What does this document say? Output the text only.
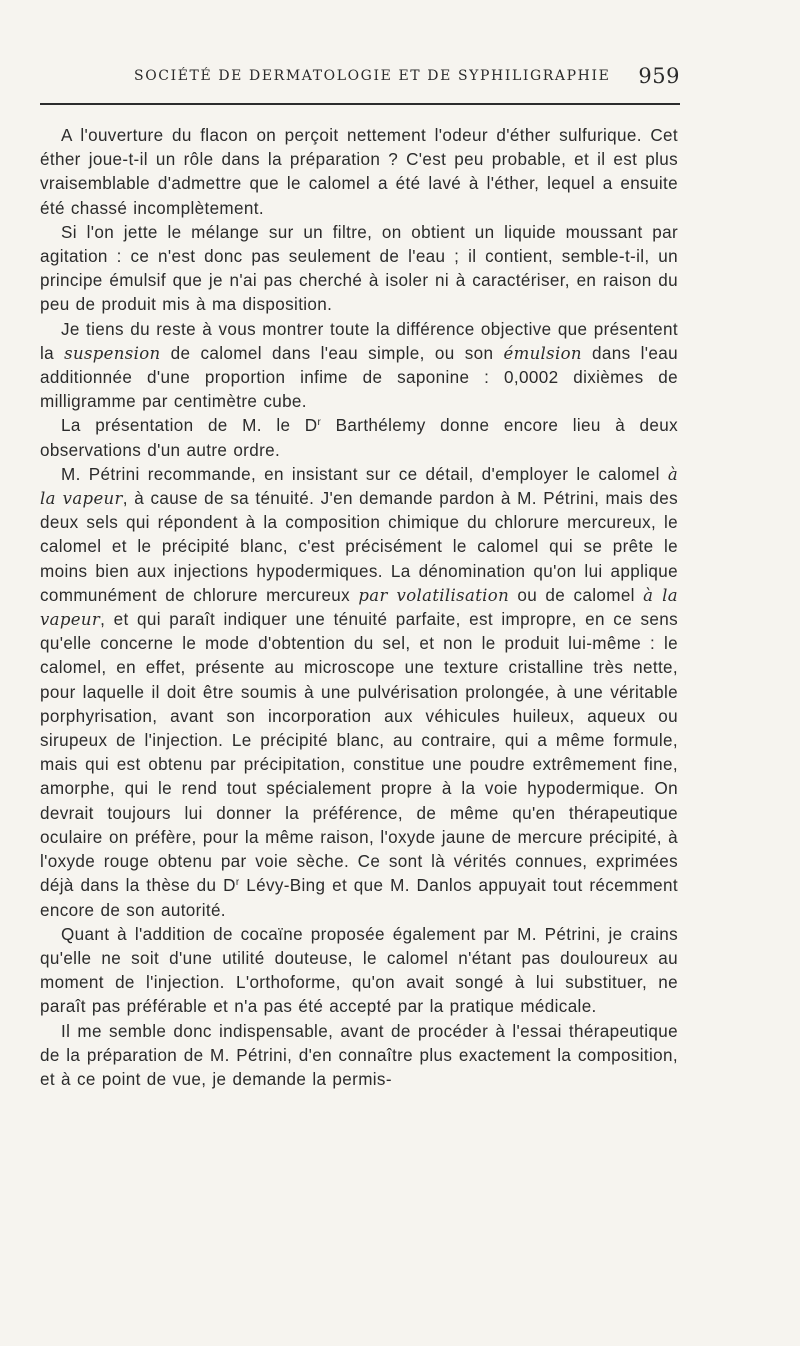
SOCIÉTÉ DE DERMATOLOGIE ET DE SYPHILIGRAPHIE 959

A l'ouverture du flacon on perçoit nettement l'odeur d'éther sulfurique. Cet éther joue-t-il un rôle dans la préparation ? C'est peu probable, et il est plus vraisemblable d'admettre que le calomel a été lavé à l'éther, lequel a ensuite été chassé incomplètement.

Si l'on jette le mélange sur un filtre, on obtient un liquide moussant par agitation : ce n'est donc pas seulement de l'eau ; il contient, semble-t-il, un principe émulsif que je n'ai pas cherché à isoler ni à caractériser, en raison du peu de produit mis à ma disposition.

Je tiens du reste à vous montrer toute la différence objective que présentent la suspension de calomel dans l'eau simple, ou son émulsion dans l'eau additionnée d'une proportion infime de saponine : 0,0002 dixièmes de milligramme par centimètre cube.

La présentation de M. le $D^r$ Barthélemy donne encore lieu à deux observations d'un autre ordre.

M. Pétrini recommande, en insistant sur ce détail, d'employer le calomel à la vapeur, à cause de sa ténuité. J'en demande pardon à M. Pétrini, mais des deux sels qui répondent à la composition chimique du chlorure mercureux, le calomel et le précipité blanc, c'est précisément le calomel qui se prête le moins bien aux injections hypodermiques. La dénomination qu'on lui applique communément de chlorure mercureux par volatilisation ou de calomel à la vapeur, et qui paraît indiquer une ténuité parfaite, est impropre, en ce sens qu'elle concerne le mode d'obtention du sel, et non le produit lui-même : le calomel, en effet, présente au microscope une texture cristalline très nette, pour laquelle il doit être soumis à une pulvérisation prolongée, à une véritable porphyrisation, avant son incorporation aux véhicules huileux, aqueux ou sirupeux de l'injection. Le précipité blanc, au contraire, qui a même formule, mais qui est obtenu par précipitation, constitue une poudre extrêmement fine, amorphe, qui le rend tout spécialement propre à la voie hypodermique. On devrait toujours lui donner la préférence, de même qu'en thérapeutique oculaire on préfère, pour la même raison, l'oxyde jaune de mercure précipité, à l'oxyde rouge obtenu par voie sèche. Ce sont là vérités connues, exprimées déjà dans la thèse du $D^r$ Lévy-Bing et que M. Danlos appuyait tout récemment encore de son autorité.

Quant à l'addition de cocaïne proposée également par M. Pétrini, je crains qu'elle ne soit d'une utilité douteuse, le calomel n'étant pas douloureux au moment de l'injection. L'orthoforme, qu'on avait songé à lui substituer, ne paraît pas préférable et n'a pas été accepté par la pratique médicale.

Il me semble donc indispensable, avant de procéder à l'essai thérapeutique de la préparation de M. Pétrini, d'en connaître plus exactement la composition, et à ce point de vue, je demande la permis-
